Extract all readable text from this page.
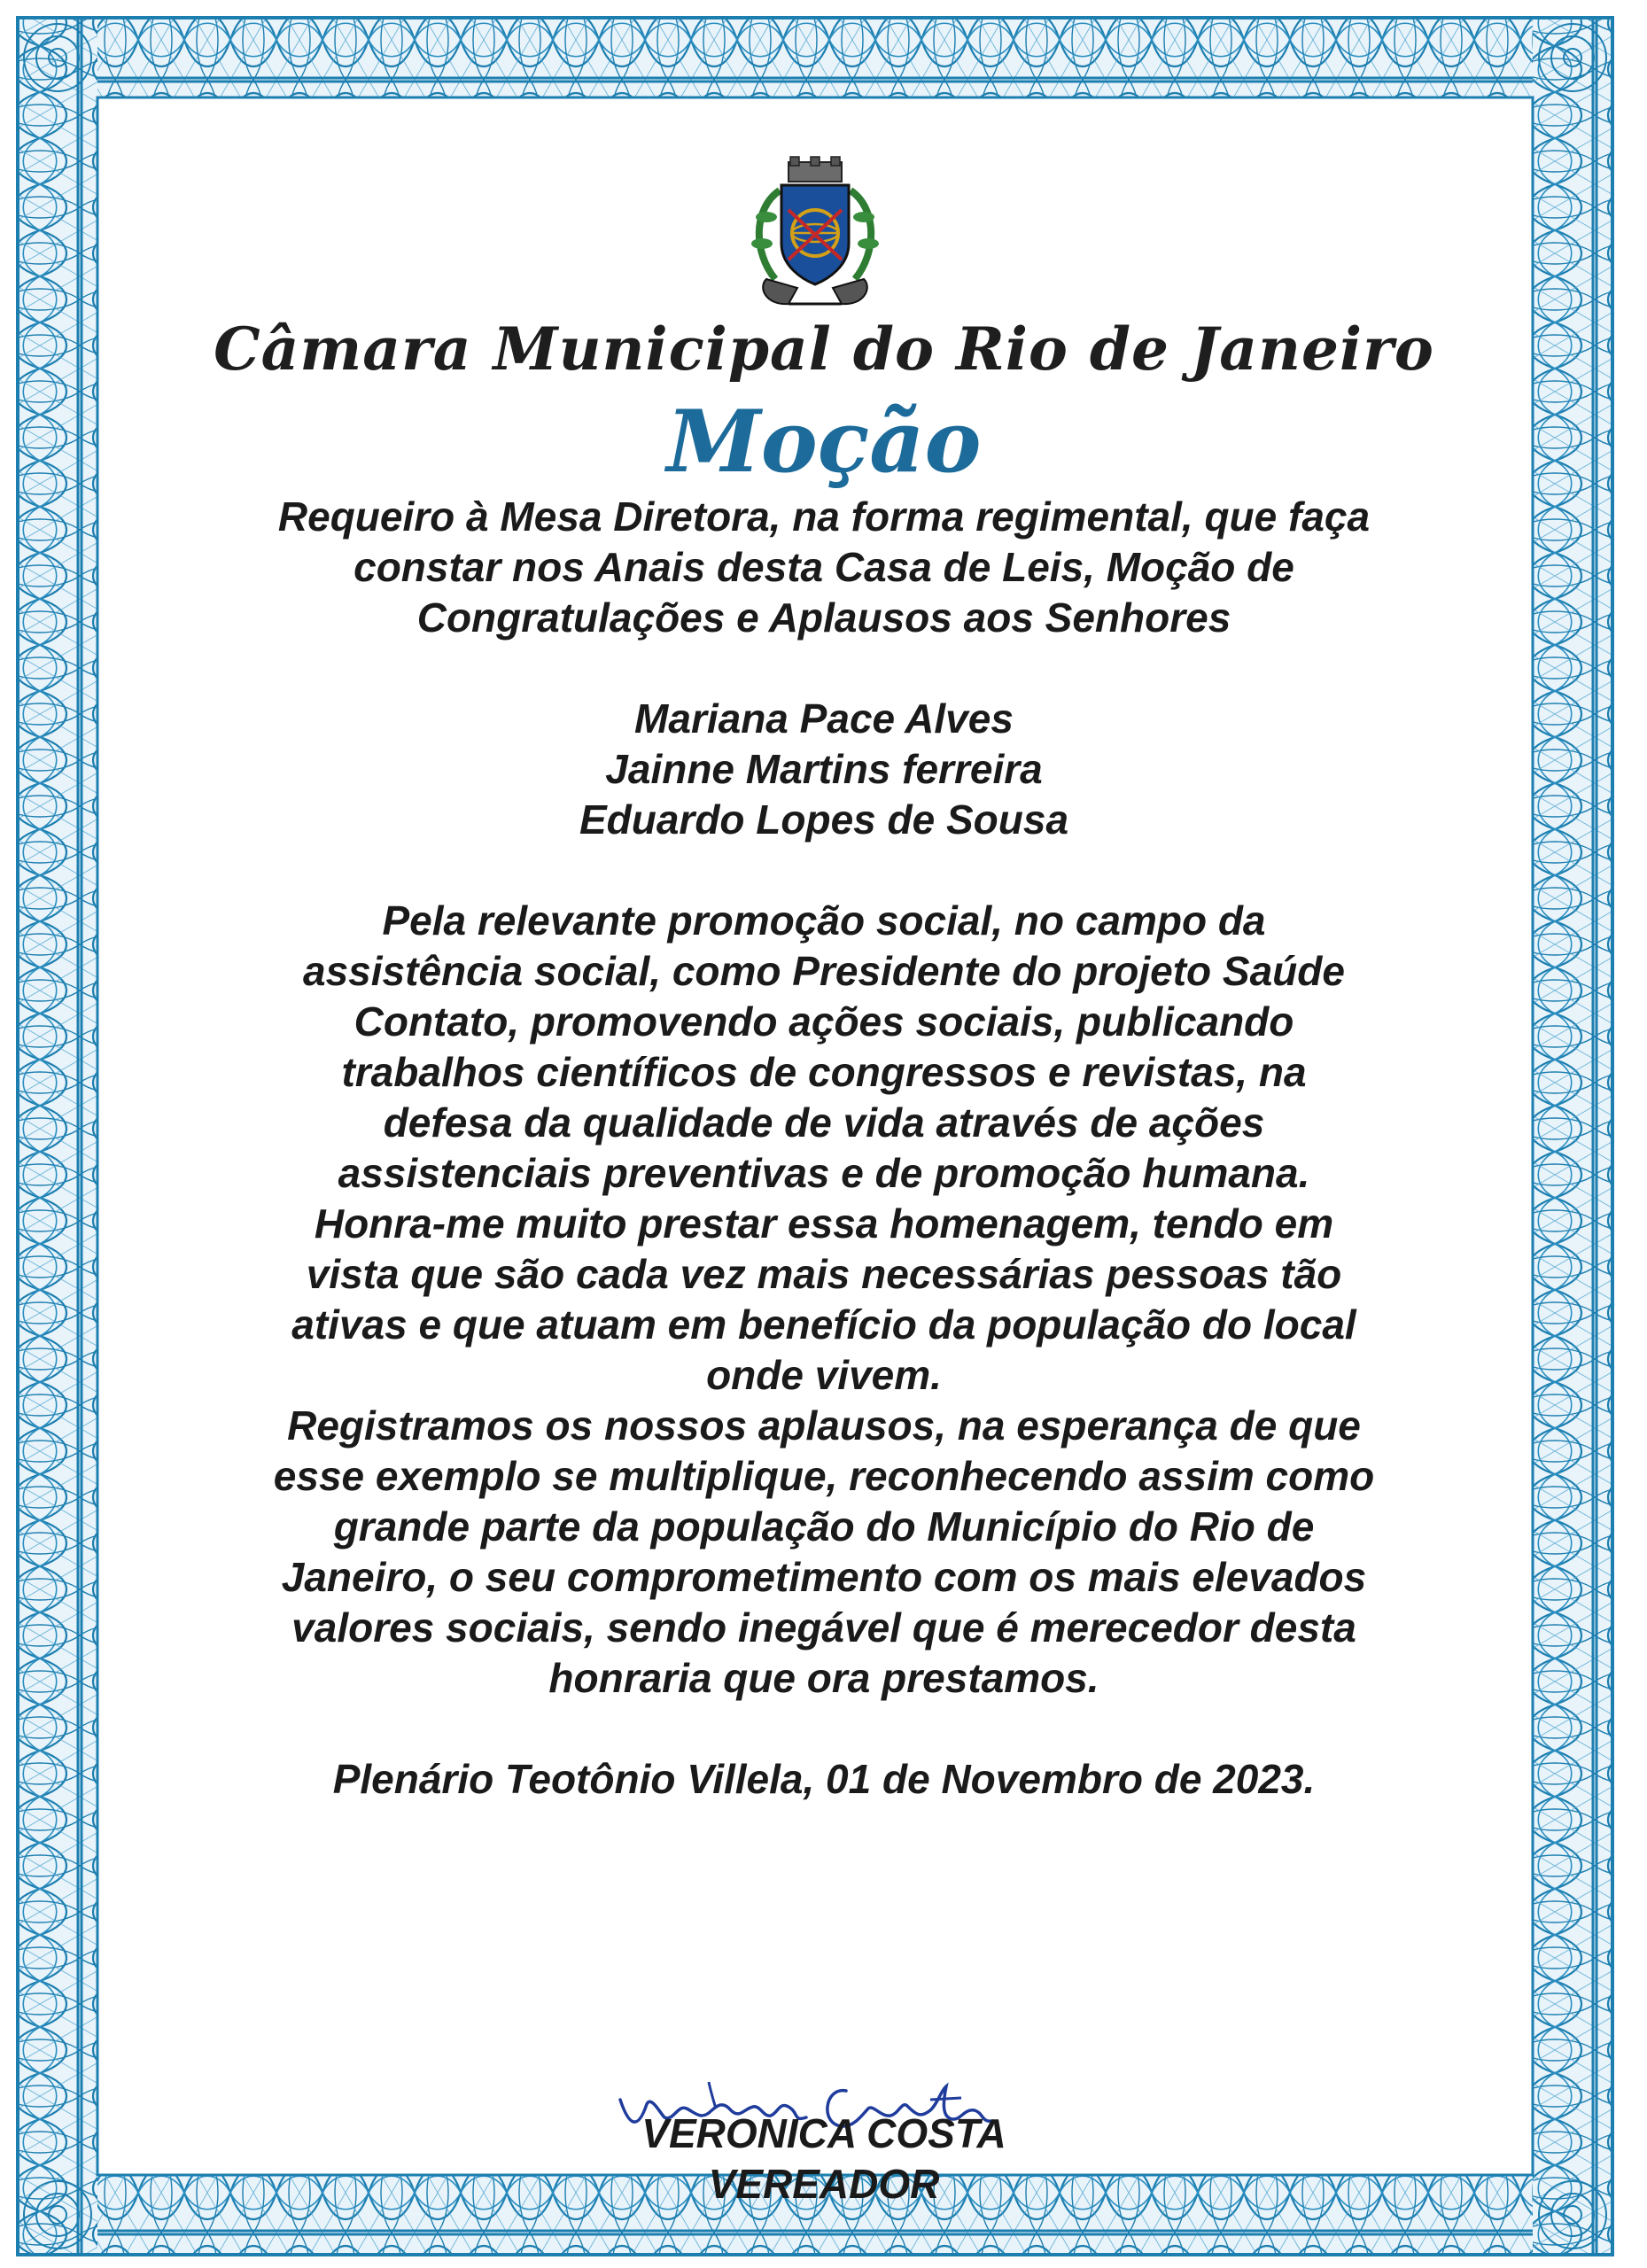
Câmara Municipal do Rio de Janeiro
Moção

Requeiro à Mesa Diretora, na forma regimental, que faça
constar nos Anais desta Casa de Leis, Moção de
Congratulações e Aplausos aos Senhores

Mariana Pace Alves
Jainne Martins ferreira
Eduardo Lopes de Sousa

Pela relevante promoção social, no campo da
assistência social, como Presidente do projeto Saúde
Contato, promovendo ações sociais, publicando
trabalhos científicos de congressos e revistas, na
defesa da qualidade de vida através de ações
assistenciais preventivas e de promoção humana.
Honra-me muito prestar essa homenagem, tendo em
vista que são cada vez mais necessárias pessoas tão
ativas e que atuam em benefício da população do local
onde vivem.
Registramos os nossos aplausos, na esperança de que
esse exemplo se multiplique, reconhecendo assim como
grande parte da população do Município do Rio de
Janeiro, o seu comprometimento com os mais elevados
valores sociais, sendo inegável que é merecedor desta
honraria que ora prestamos.

Plenário Teotônio Villela, 01 de Novembro de 2023.

VERONICA COSTA
VEREADOR
